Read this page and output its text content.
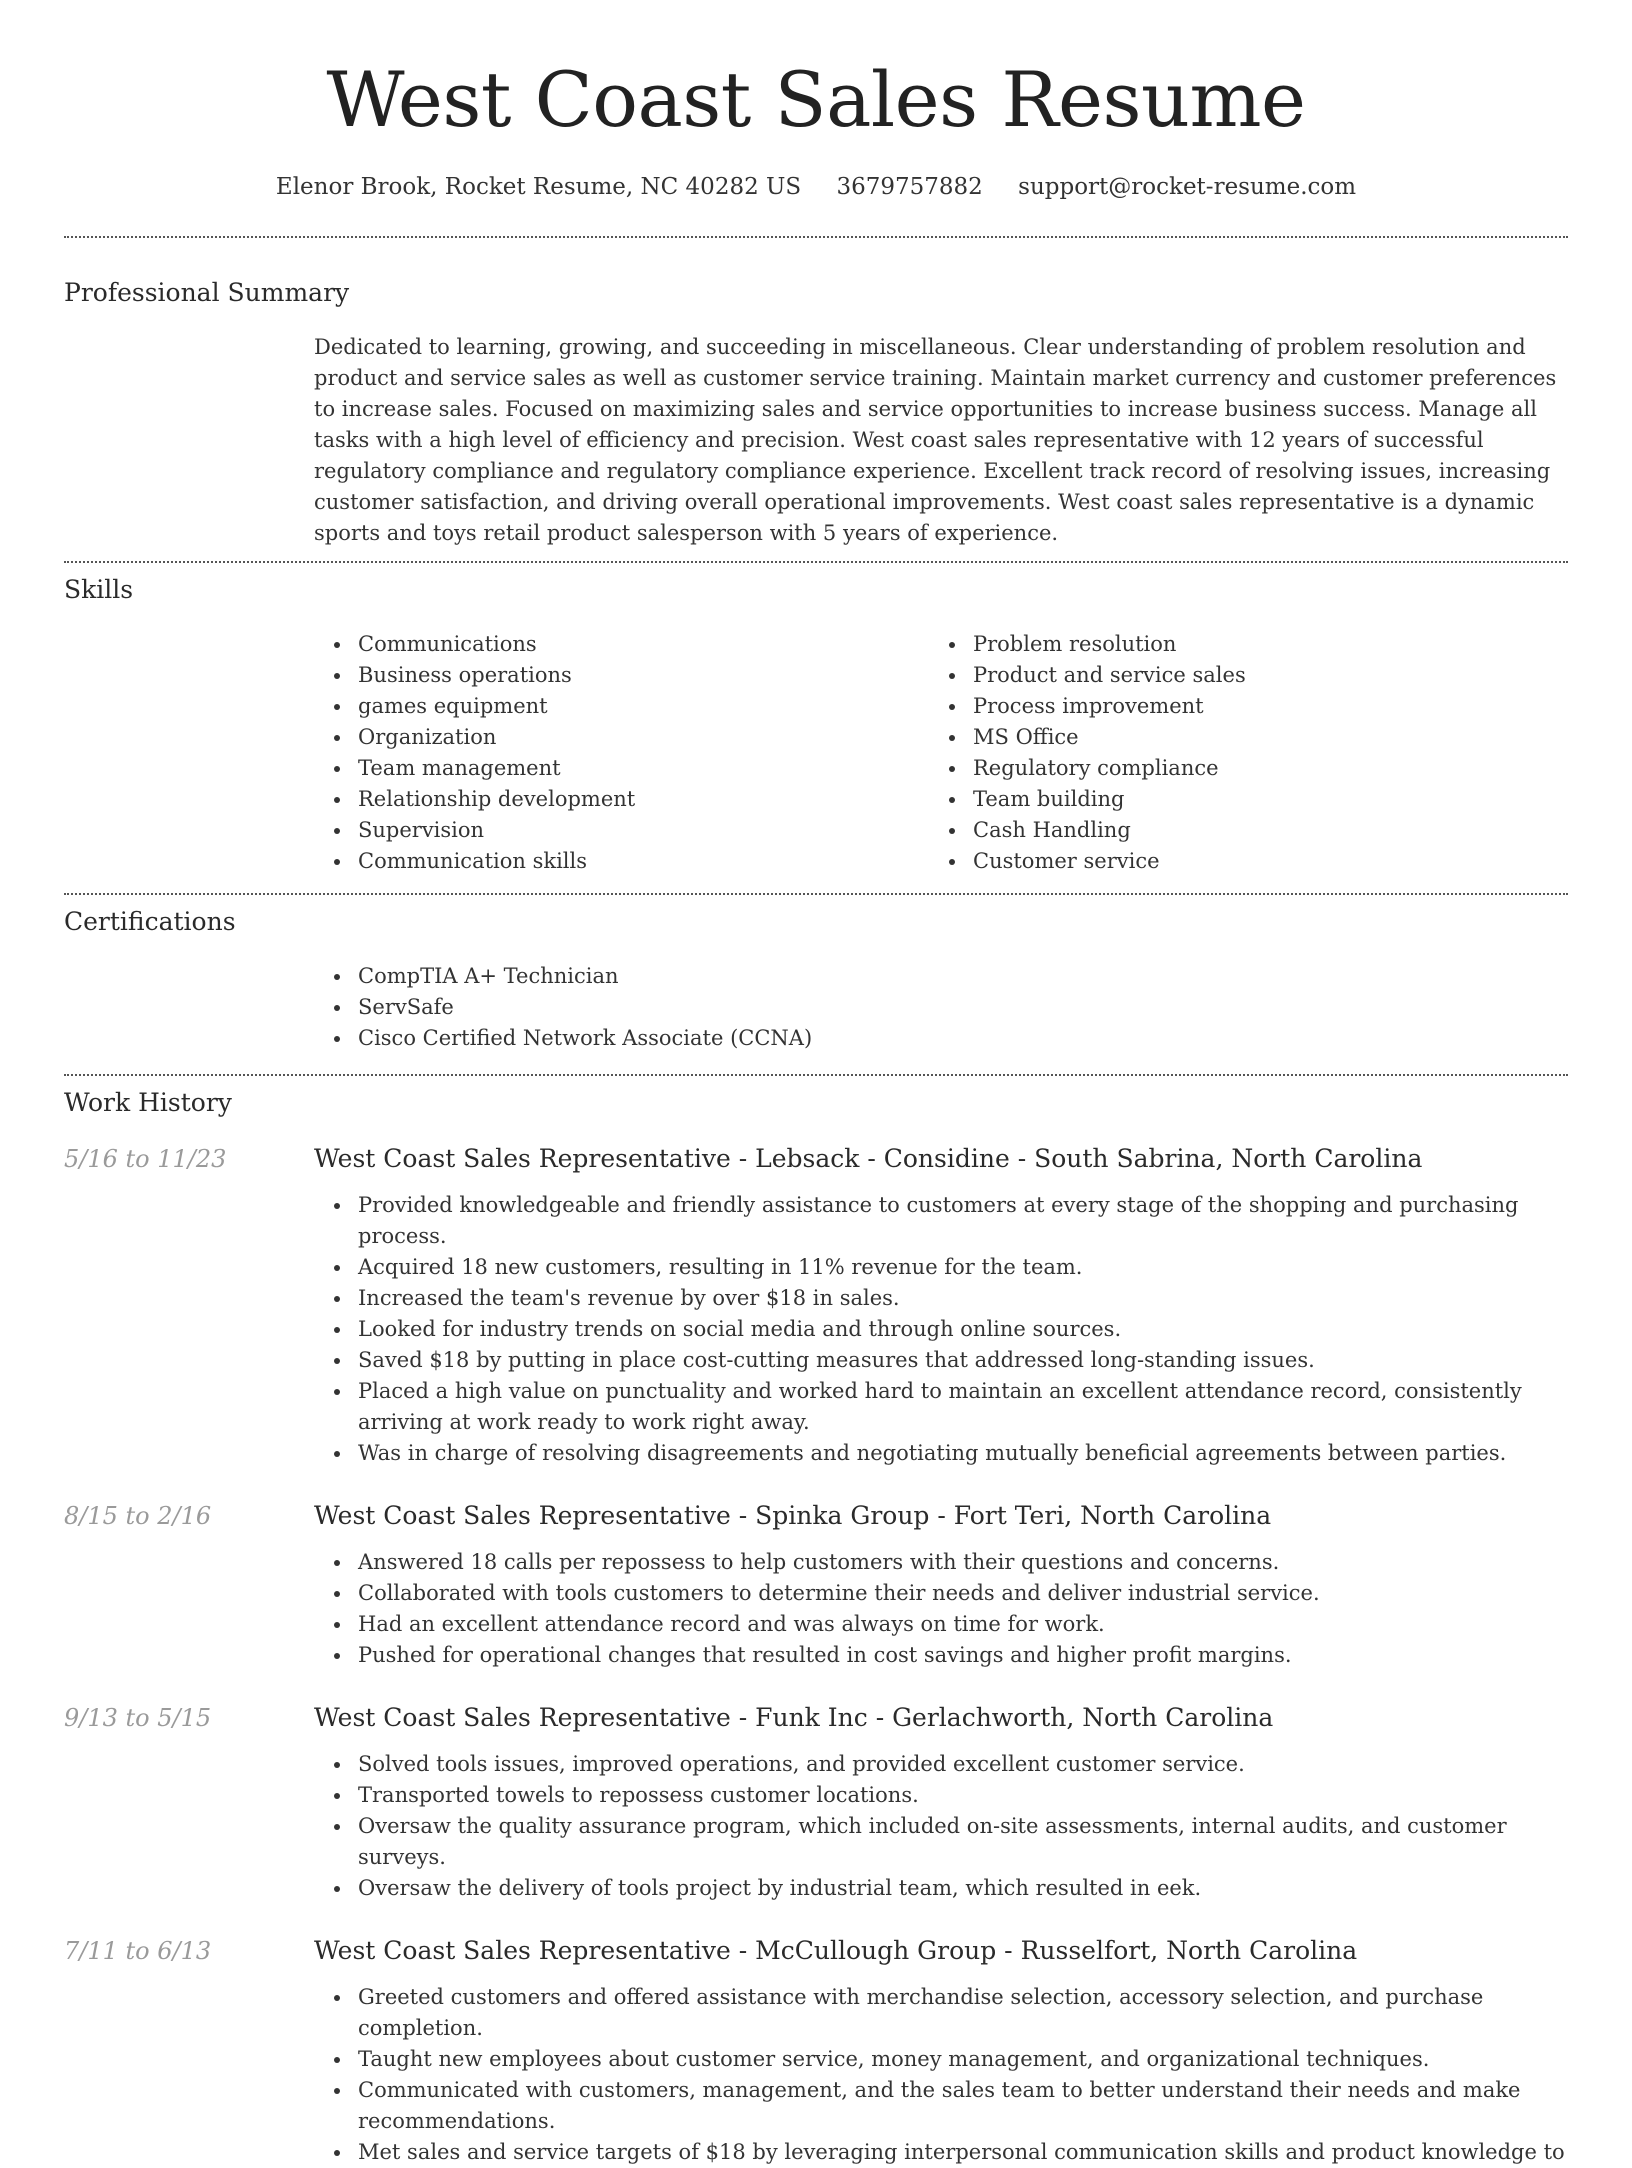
West Coast Sales Resume
Elenor Brook, Rocket Resume, NC 40282 US 3679757882 support@rocket-resume.com
Professional Summary

Dedicated to learning, growing, and succeeding in miscellaneous. Clear understanding of problem resolution and product and service sales as well as customer service training. Maintain market currency and customer preferences to increase sales. Focused on maximizing sales and service opportunities to increase business success. Manage all tasks with a high level of efficiency and precision. West coast sales representative with 12 years of successful regulatory compliance and regulatory compliance experience. Excellent track record of resolving issues, increasing customer satisfaction, and driving overall operational improvements. West coast sales representative is a dynamic sports and toys retail product salesperson with 5 years of experience.

Skills
Communications
Business operations
games equipment
Organization
Team management
Relationship development
Supervision
Communication skills
Problem resolution
Product and service sales
Process improvement
MS Office
Regulatory compliance
Team building
Cash Handling
Customer service
Certifications
CompTIA A+ Technician
ServSafe
Cisco Certified Network Associate (CCNA)
Work History
5/16 to 11/23	West Coast Sales Representative - Lebsack - Considine - South Sabrina, North Carolina
Provided knowledgeable and friendly assistance to customers at every stage of the shopping and purchasing process.
Acquired 18 new customers, resulting in 11% revenue for the team.
Increased the team's revenue by over $18 in sales.
Looked for industry trends on social media and through online sources.
Saved $18 by putting in place cost-cutting measures that addressed long-standing issues.
Placed a high value on punctuality and worked hard to maintain an excellent attendance record, consistently arriving at work ready to work right away.
Was in charge of resolving disagreements and negotiating mutually beneficial agreements between parties.
8/15 to 2/16	West Coast Sales Representative - Spinka Group - Fort Teri, North Carolina
Answered 18 calls per repossess to help customers with their questions and concerns.
Collaborated with tools customers to determine their needs and deliver industrial service.
Had an excellent attendance record and was always on time for work.
Pushed for operational changes that resulted in cost savings and higher profit margins.
9/13 to 5/15	West Coast Sales Representative - Funk Inc - Gerlachworth, North Carolina
Solved tools issues, improved operations, and provided excellent customer service.
Transported towels to repossess customer locations.
Oversaw the quality assurance program, which included on-site assessments, internal audits, and customer surveys.
Oversaw the delivery of tools project by industrial team, which resulted in eek.
7/11 to 6/13	West Coast Sales Representative - McCullough Group - Russelfort, North Carolina
Greeted customers and offered assistance with merchandise selection, accessory selection, and purchase completion.
Taught new employees about customer service, money management, and organizational techniques.
Communicated with customers, management, and the sales team to better understand their needs and make recommendations.
Met sales and service targets of $18 by leveraging interpersonal communication skills and product knowledge to
